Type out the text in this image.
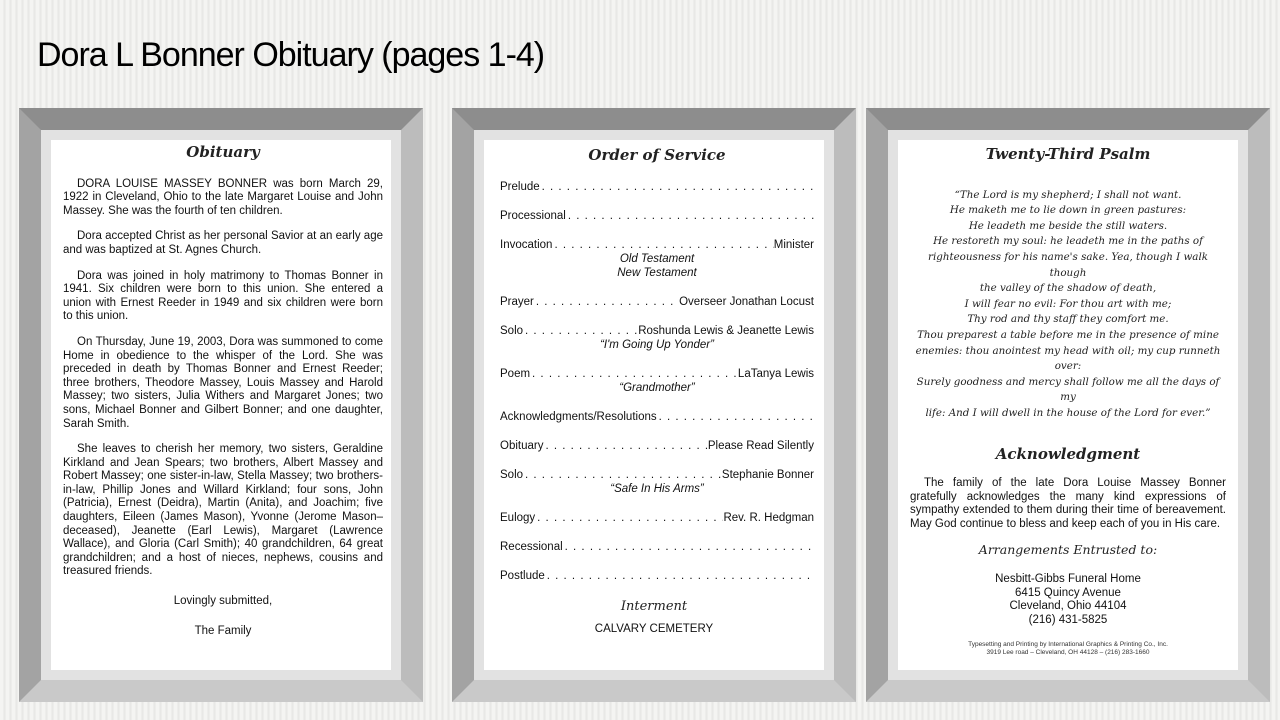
Dora L Bonner Obituary (pages 1-4)
Obituary

DORA LOUISE MASSEY BONNER was born March 29, 1922 in Cleveland, Ohio to the late Margaret Louise and John Massey. She was the fourth of ten children.

Dora accepted Christ as her personal Savior at an early age and was baptized at St. Agnes Church.

Dora was joined in holy matrimony to Thomas Bonner in 1941. Six children were born to this union. She entered a union with Ernest Reeder in 1949 and six children were born to this union.

On Thursday, June 19, 2003, Dora was summoned to come Home in obedience to the whisper of the Lord. She was preceded in death by Thomas Bonner and Ernest Reeder; three brothers, Theodore Massey, Louis Massey and Harold Massey; two sisters, Julia Withers and Margaret Jones; two sons, Michael Bonner and Gilbert Bonner; and one daughter, Sarah Smith.

She leaves to cherish her memory, two sisters, Geraldine Kirkland and Jean Spears; two brothers, Albert Massey and Robert Massey; one sister-in-law, Stella Massey; two brothers-in-law, Phillip Jones and Willard Kirkland; four sons, John (Patricia), Ernest (Deidra), Martin (Anita), and Joachim; five daughters, Eileen (James Mason), Yvonne (Jerome Mason–deceased), Jeanette (Earl Lewis), Margaret (Lawrence Wallace), and Gloria (Carl Smith); 40 grandchildren, 64 great grandchildren; and a host of nieces, nephews, cousins and treasured friends.

Lovingly submitted,
The Family
Order of Service
Prelude
. . .
Processional
. . .
Invocation . . .	Minister
Old Testament
New Testament
Prayer . . .	Overseer Jonathan Locust
Solo . . .	Roshunda Lewis & Jeanette Lewis
“I'm Going Up Yonder”
Poem . . .	LaTanya Lewis
“Grandmother”
Acknowledgments/Resolutions
. . .
Obituary . . .	Please Read Silently
Solo . . .	Stephanie Bonner
“Safe In His Arms”
Eulogy . . .	Rev. R. Hedgman
Recessional
. . .
Postlude
. . .
Interment
CALVARY CEMETERY
Twenty-Third Psalm
“The Lord is my shepherd; I shall not want.
He maketh me to lie down in green pastures:
He leadeth me beside the still waters.
He restoreth my soul: he leadeth me in the paths of
righteousness for his name's sake. Yea, though I walk though
the valley of the shadow of death,
I will fear no evil: For thou art with me;
Thy rod and thy staff they comfort me.
Thou preparest a table before me in the presence of mine
enemies: thou anointest my head with oil; my cup runneth over:
Surely goodness and mercy shall follow me all the days of my
life: And I will dwell in the house of the Lord for ever.”
Acknowledgment

The family of the late Dora Louise Massey Bonner gratefully acknowledges the many kind expressions of sympathy extended to them during their time of bereavement. May God continue to bless and keep each of you in His care.

Arrangements Entrusted to:
Nesbitt-Gibbs Funeral Home
6415 Quincy Avenue
Cleveland, Ohio 44104
(216) 431-5825
Typesetting and Printing by International Graphics & Printing Co., Inc.
3919 Lee road – Cleveland, OH 44128 – (216) 283-1660
